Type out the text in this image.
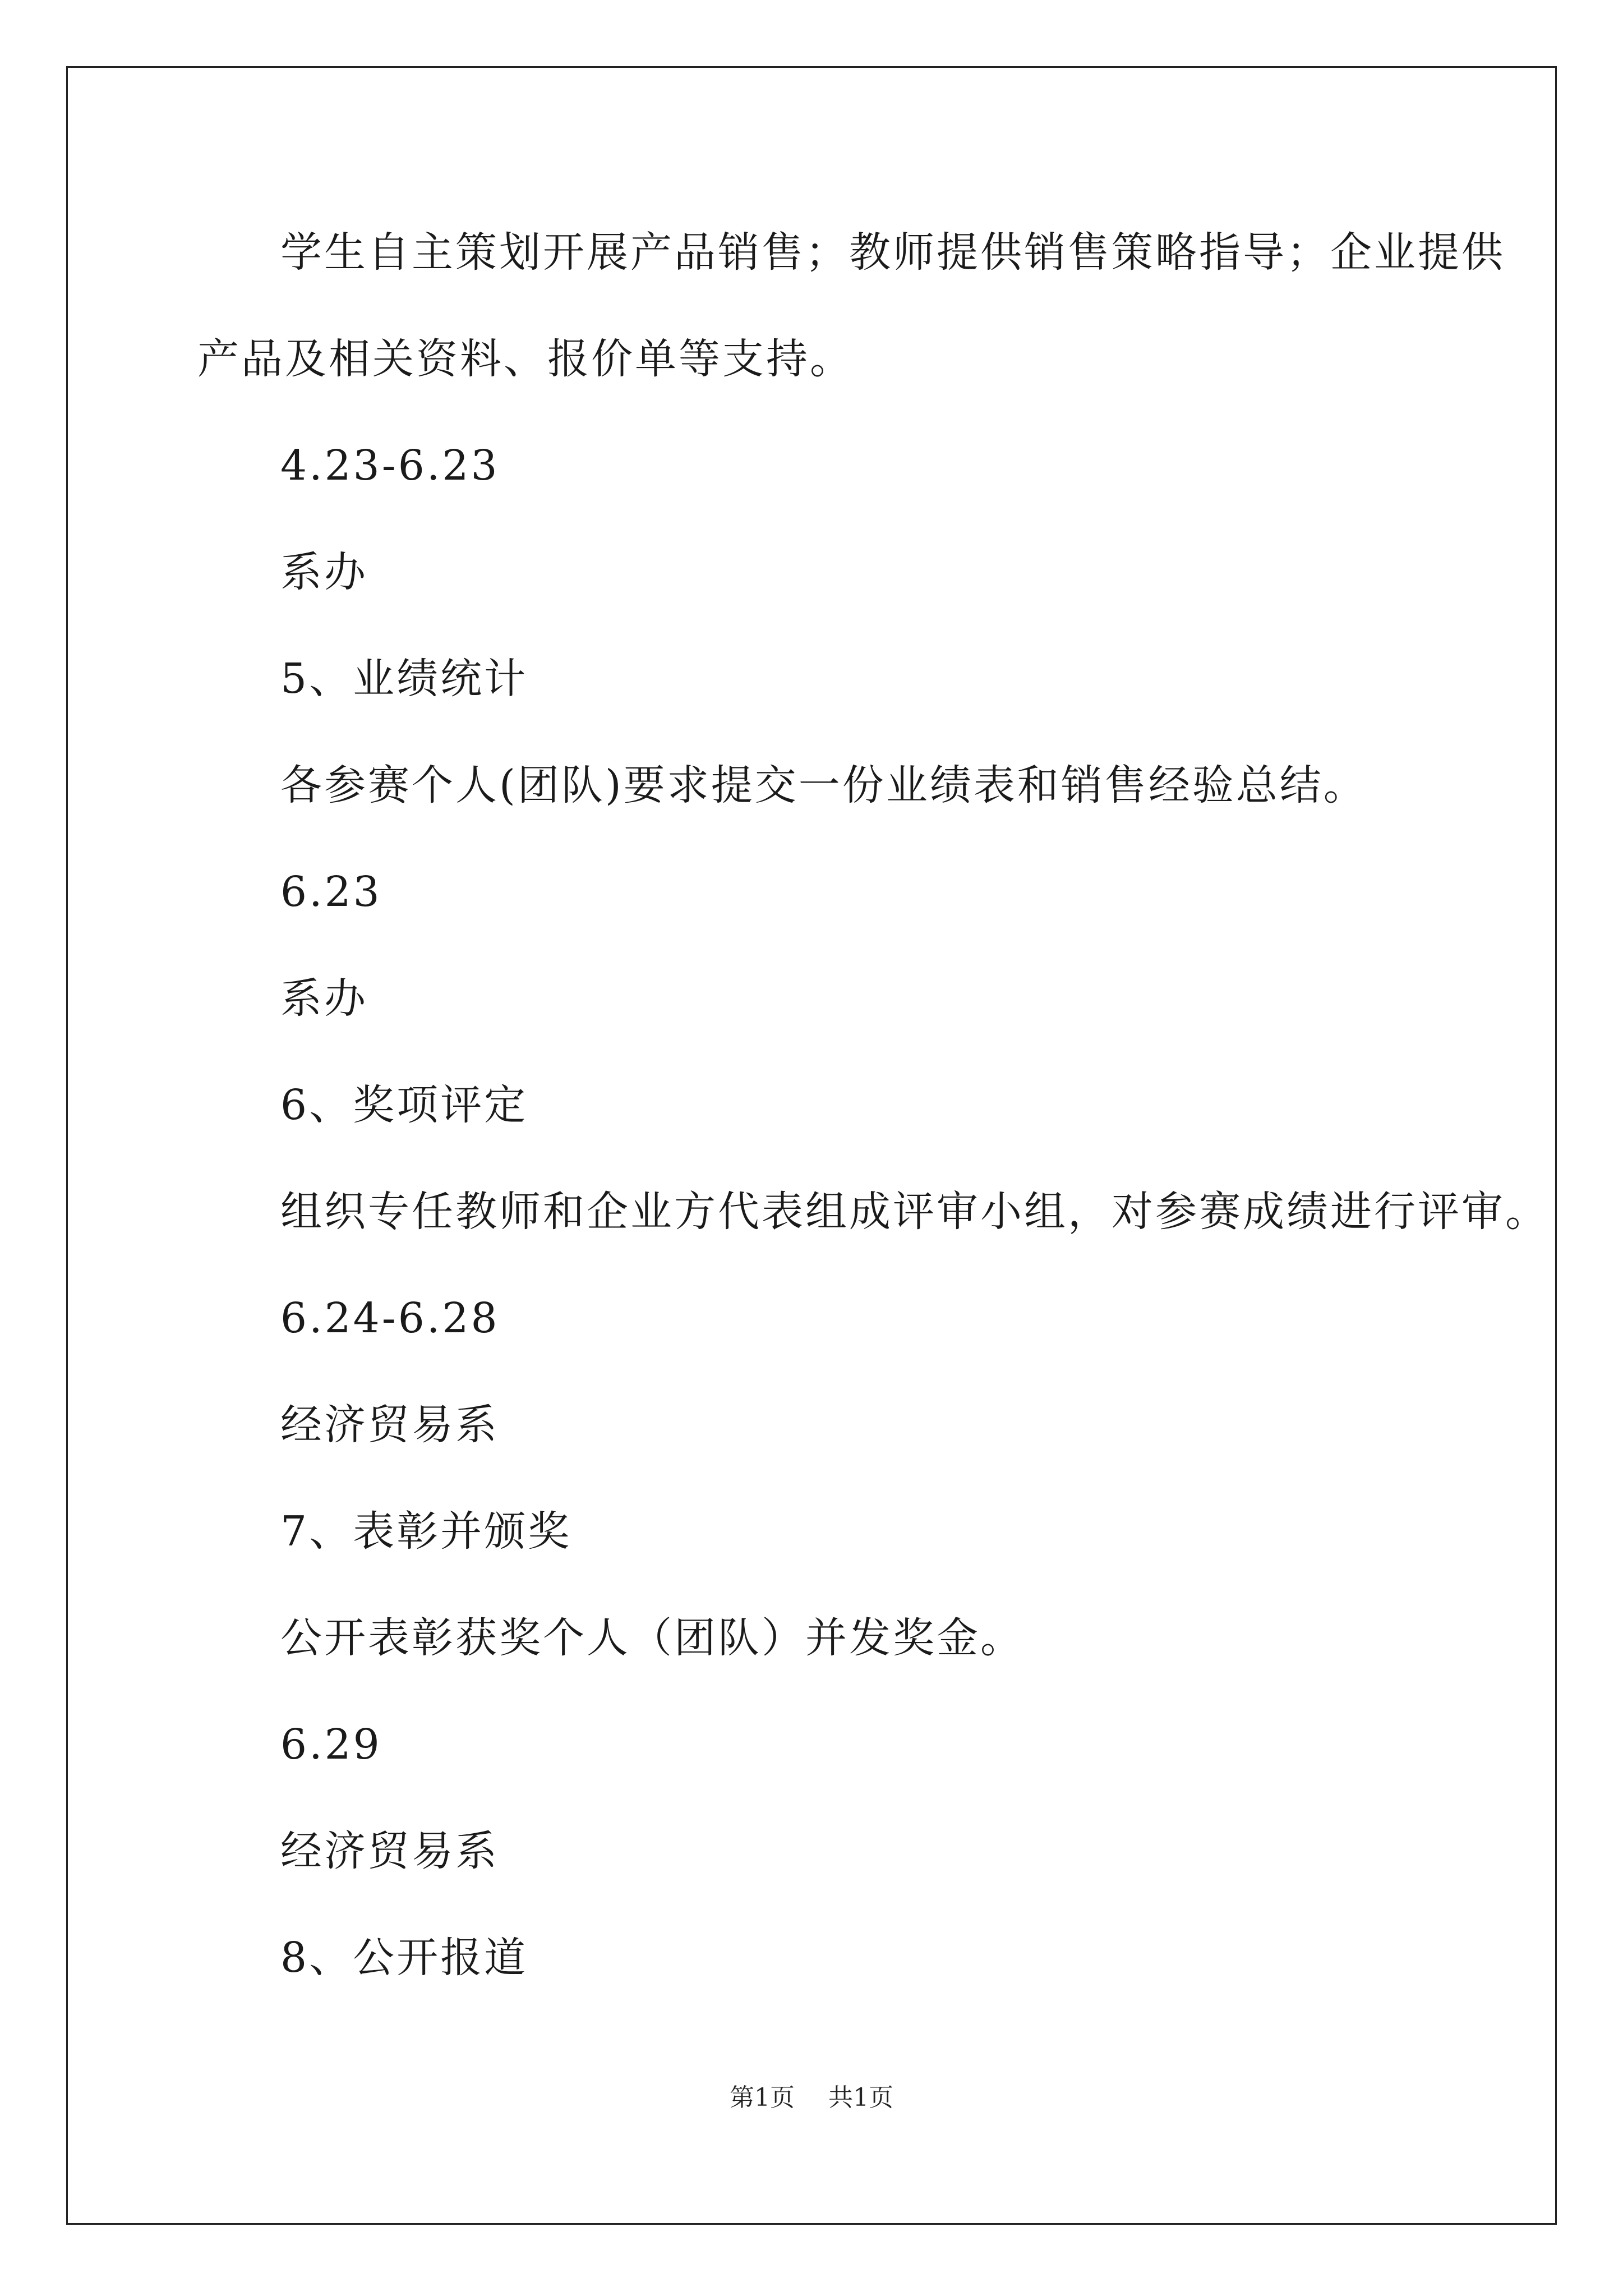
学生自主策划开展产品销售；教师提供销售策略指导；企业提供
产品及相关资料、报价单等支持。
4.23-6.23
系办
5、业绩统计
各参赛个人(团队)要求提交一份业绩表和销售经验总结。
6.23
系办
6、奖项评定
组织专任教师和企业方代表组成评审小组，对参赛成绩进行评审。
6.24-6.28
经济贸易系
7、表彰并颁奖
公开表彰获奖个人（团队）并发奖金。
6.29
经济贸易系
8、公开报道
第1页 共1页
